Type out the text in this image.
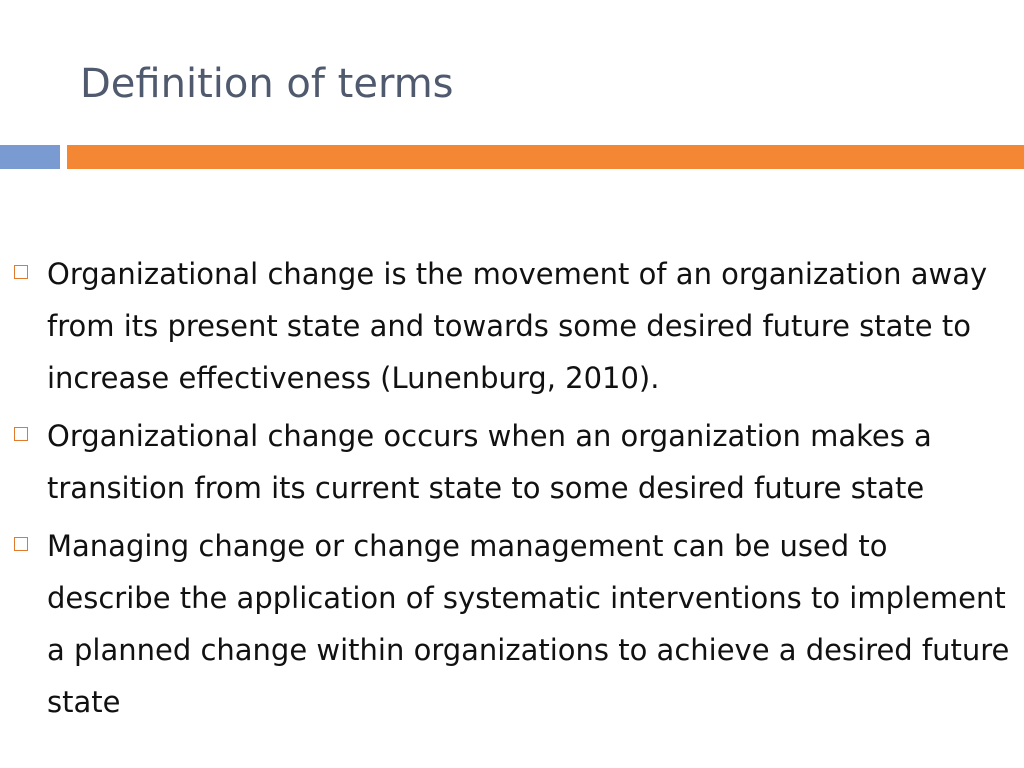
Definition of terms
Organizational change is the movement of an organization away from its present state and towards some desired future state to increase effectiveness (Lunenburg, 2010).
Organizational change occurs when an organization makes a transition from its current state to some desired future state
Managing change or change management can be used to describe the application of systematic interventions to implement a planned change within organizations to achieve a desired future state
